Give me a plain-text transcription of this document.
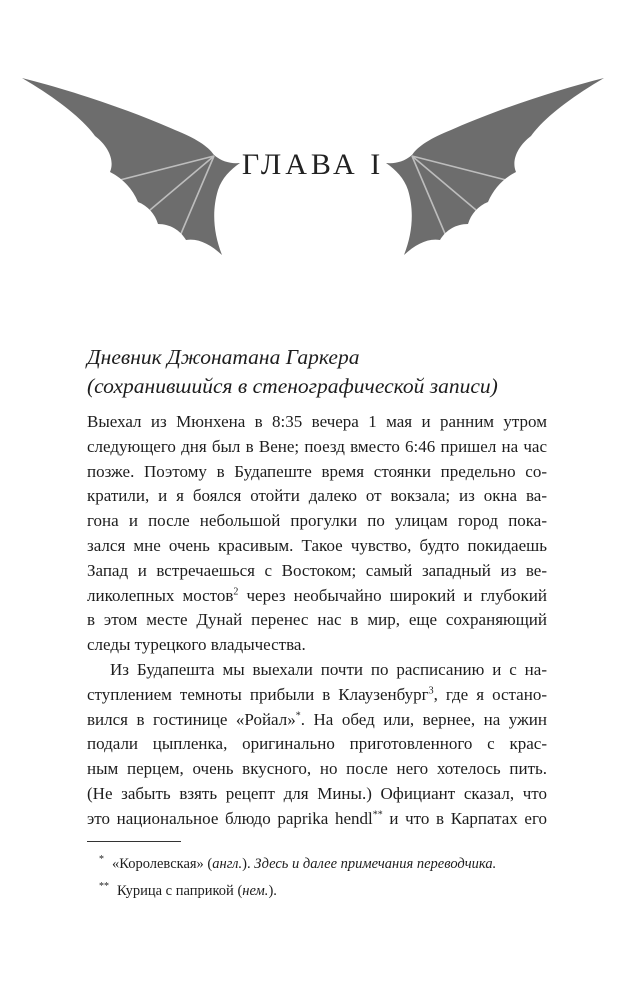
ГЛАВА I
Дневник Джонатана Гаркера
(сохранившийся в стенографической записи)
Выехал из Мюнхена в 8:35 вечера 1 мая и ранним утром
следующего дня был в Вене; поезд вместо 6:46 пришел на час
позже. Поэтому в Будапеште время стоянки предельно со-
кратили, и я боялся отойти далеко от вокзала; из окна ва-
гона и после небольшой прогулки по улицам город пока-
зался мне очень красивым. Такое чувство, будто покидаешь
Запад и встречаешься с Востоком; самый западный из ве-
ликолепных мостов$^2$ через необычайно широкий и глубокий
в этом месте Дунай перенес нас в мир, еще сохраняющий
следы турецкого владычества.
Из Будапешта мы выехали почти по расписанию и с на-
ступлением темноты прибыли в Клаузенбург$^3$, где я остано-
вился в гостинице «Ройал»*. На обед или, вернее, на ужин
подали цыпленка, оригинально приготовленного с крас-
ным перцем, очень вкусного, но после него хотелось пить.
(Не забыть взять рецепт для Мины.) Официант сказал, что
это национальное блюдо paprika hendl** и что в Карпатах его
* «Королевская» (англ.). Здесь и далее примечания переводчика.
** Курица с паприкой (нем.).
